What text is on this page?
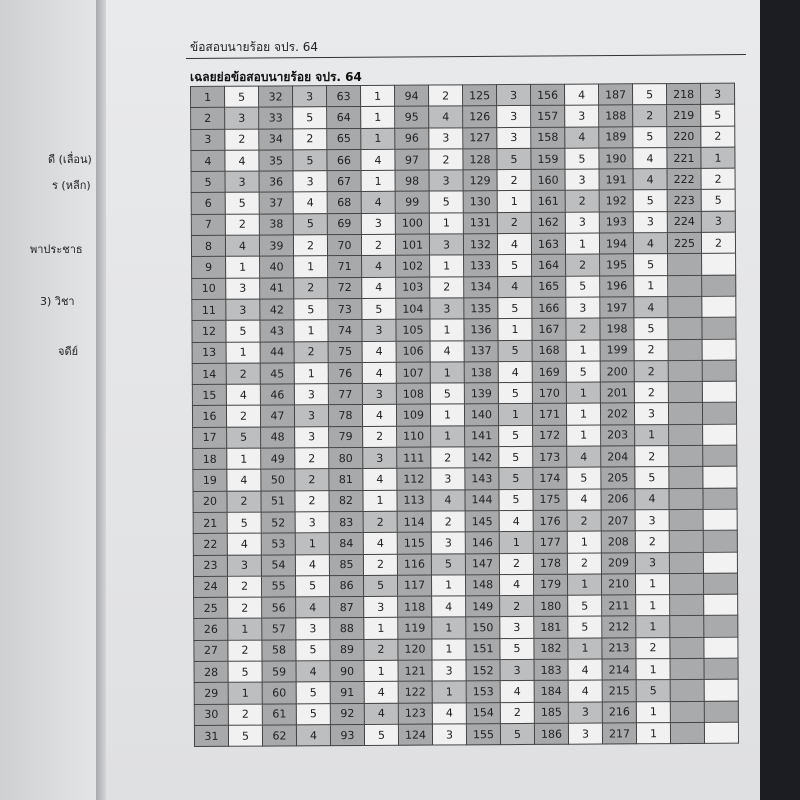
ดี (เลื่อน)
ร (หลีก)
พาประชาธ
3) วิชา
จดีย์
ข้อสอบนายร้อย จปร. 64
เฉลยย่อข้อสอบนายร้อย จปร. 64
1	5	32	3	63	1	94	2	125	3	156	4	187	5	218	3
2	3	33	5	64	1	95	4	126	3	157	3	188	2	219	5
3	2	34	2	65	1	96	3	127	3	158	4	189	5	220	2
4	4	35	5	66	4	97	2	128	5	159	5	190	4	221	1
5	3	36	3	67	1	98	3	129	2	160	3	191	4	222	2
6	5	37	4	68	4	99	5	130	1	161	2	192	5	223	5
7	2	38	5	69	3	100	1	131	2	162	3	193	3	224	3
8	4	39	2	70	2	101	3	132	4	163	1	194	4	225	2
9	1	40	1	71	4	102	1	133	5	164	2	195	5		
10	3	41	2	72	4	103	2	134	4	165	5	196	1		
11	3	42	5	73	5	104	3	135	5	166	3	197	4		
12	5	43	1	74	3	105	1	136	1	167	2	198	5		
13	1	44	2	75	4	106	4	137	5	168	1	199	2		
14	2	45	1	76	4	107	1	138	4	169	5	200	2		
15	4	46	3	77	3	108	5	139	5	170	1	201	2		
16	2	47	3	78	4	109	1	140	1	171	1	202	3		
17	5	48	3	79	2	110	1	141	5	172	1	203	1		
18	1	49	2	80	3	111	2	142	5	173	4	204	2		
19	4	50	2	81	4	112	3	143	5	174	5	205	5		
20	2	51	2	82	1	113	4	144	5	175	4	206	4		
21	5	52	3	83	2	114	2	145	4	176	2	207	3		
22	4	53	1	84	4	115	3	146	1	177	1	208	2		
23	3	54	4	85	2	116	5	147	2	178	2	209	3		
24	2	55	5	86	5	117	1	148	4	179	1	210	1		
25	2	56	4	87	3	118	4	149	2	180	5	211	1		
26	1	57	3	88	1	119	1	150	3	181	5	212	1		
27	2	58	5	89	2	120	1	151	5	182	1	213	2		
28	5	59	4	90	1	121	3	152	3	183	4	214	1		
29	1	60	5	91	4	122	1	153	4	184	4	215	5		
30	2	61	5	92	4	123	4	154	2	185	3	216	1		
31	5	62	4	93	5	124	3	155	5	186	3	217	1		
